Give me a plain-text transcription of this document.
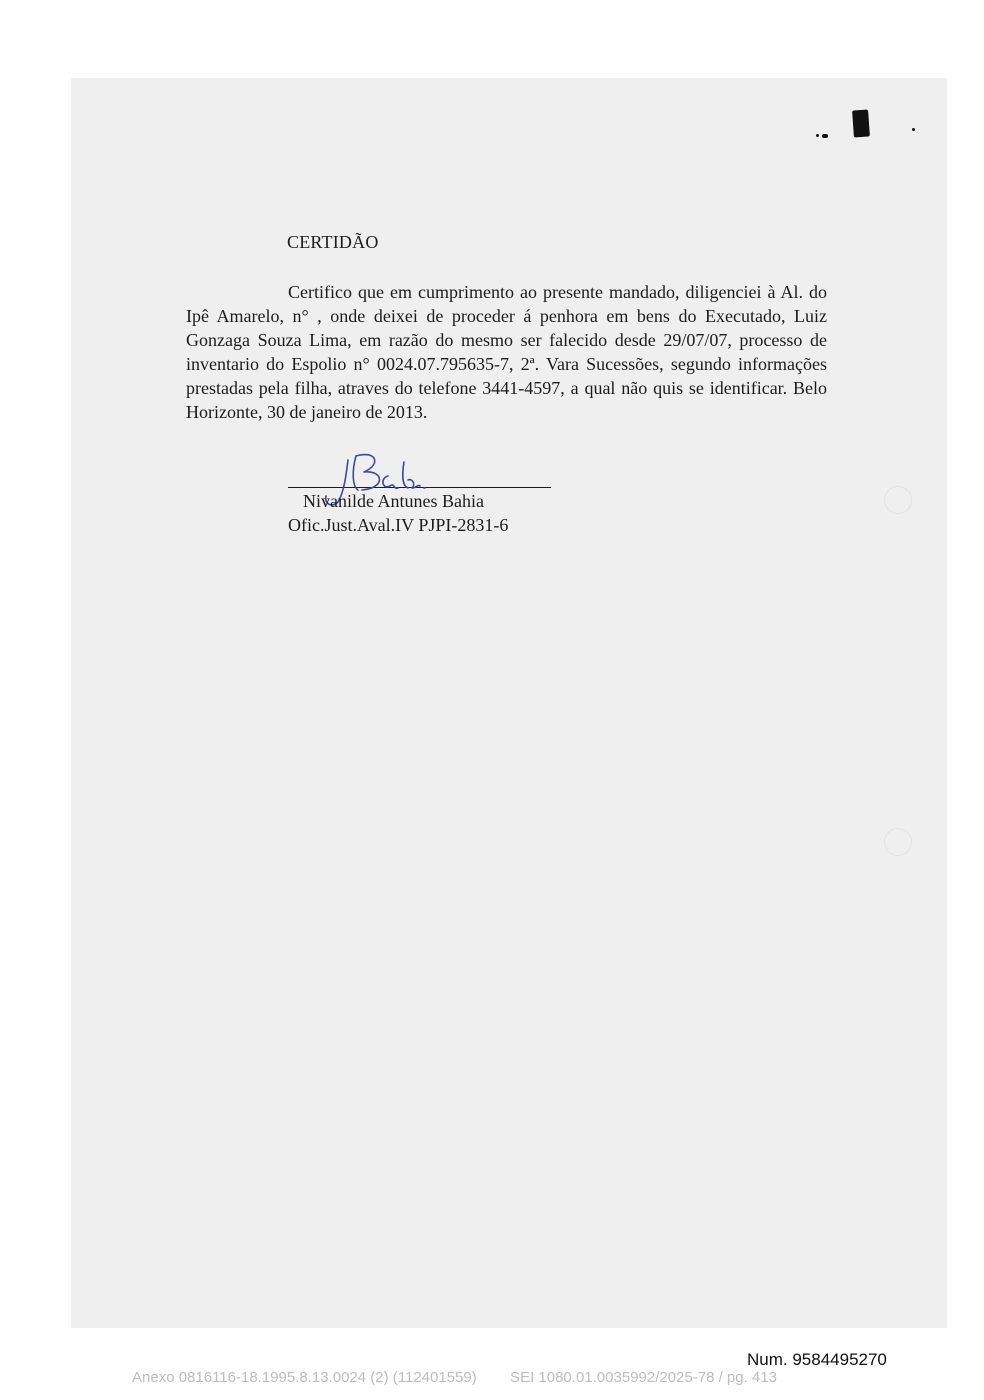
CERTIDÃO

Certifico que em cumprimento ao presente mandado, diligenciei à Al. do Ipê Amarelo, n° , onde deixei de proceder á penhora em bens do Executado, Luiz Gonzaga Souza Lima, em razão do mesmo ser falecido desde 29/07/07, processo de inventario do Espolio n° 0024.07.795635-7, 2ª. Vara Sucessões, segundo informações prestadas pela filha, atraves do telefone 3441-4597, a qual não quis se identificar. Belo Horizonte, 30 de janeiro de 2013.

Nivanilde Antunes Bahia
Ofic.Just.Aval.IV PJPI-2831-6
Num. 9584495270
Anexo 0816116-18.1995.8.13.0024 (2) (112401559)        SEI 1080.01.0035992/2025-78 / pg. 413
